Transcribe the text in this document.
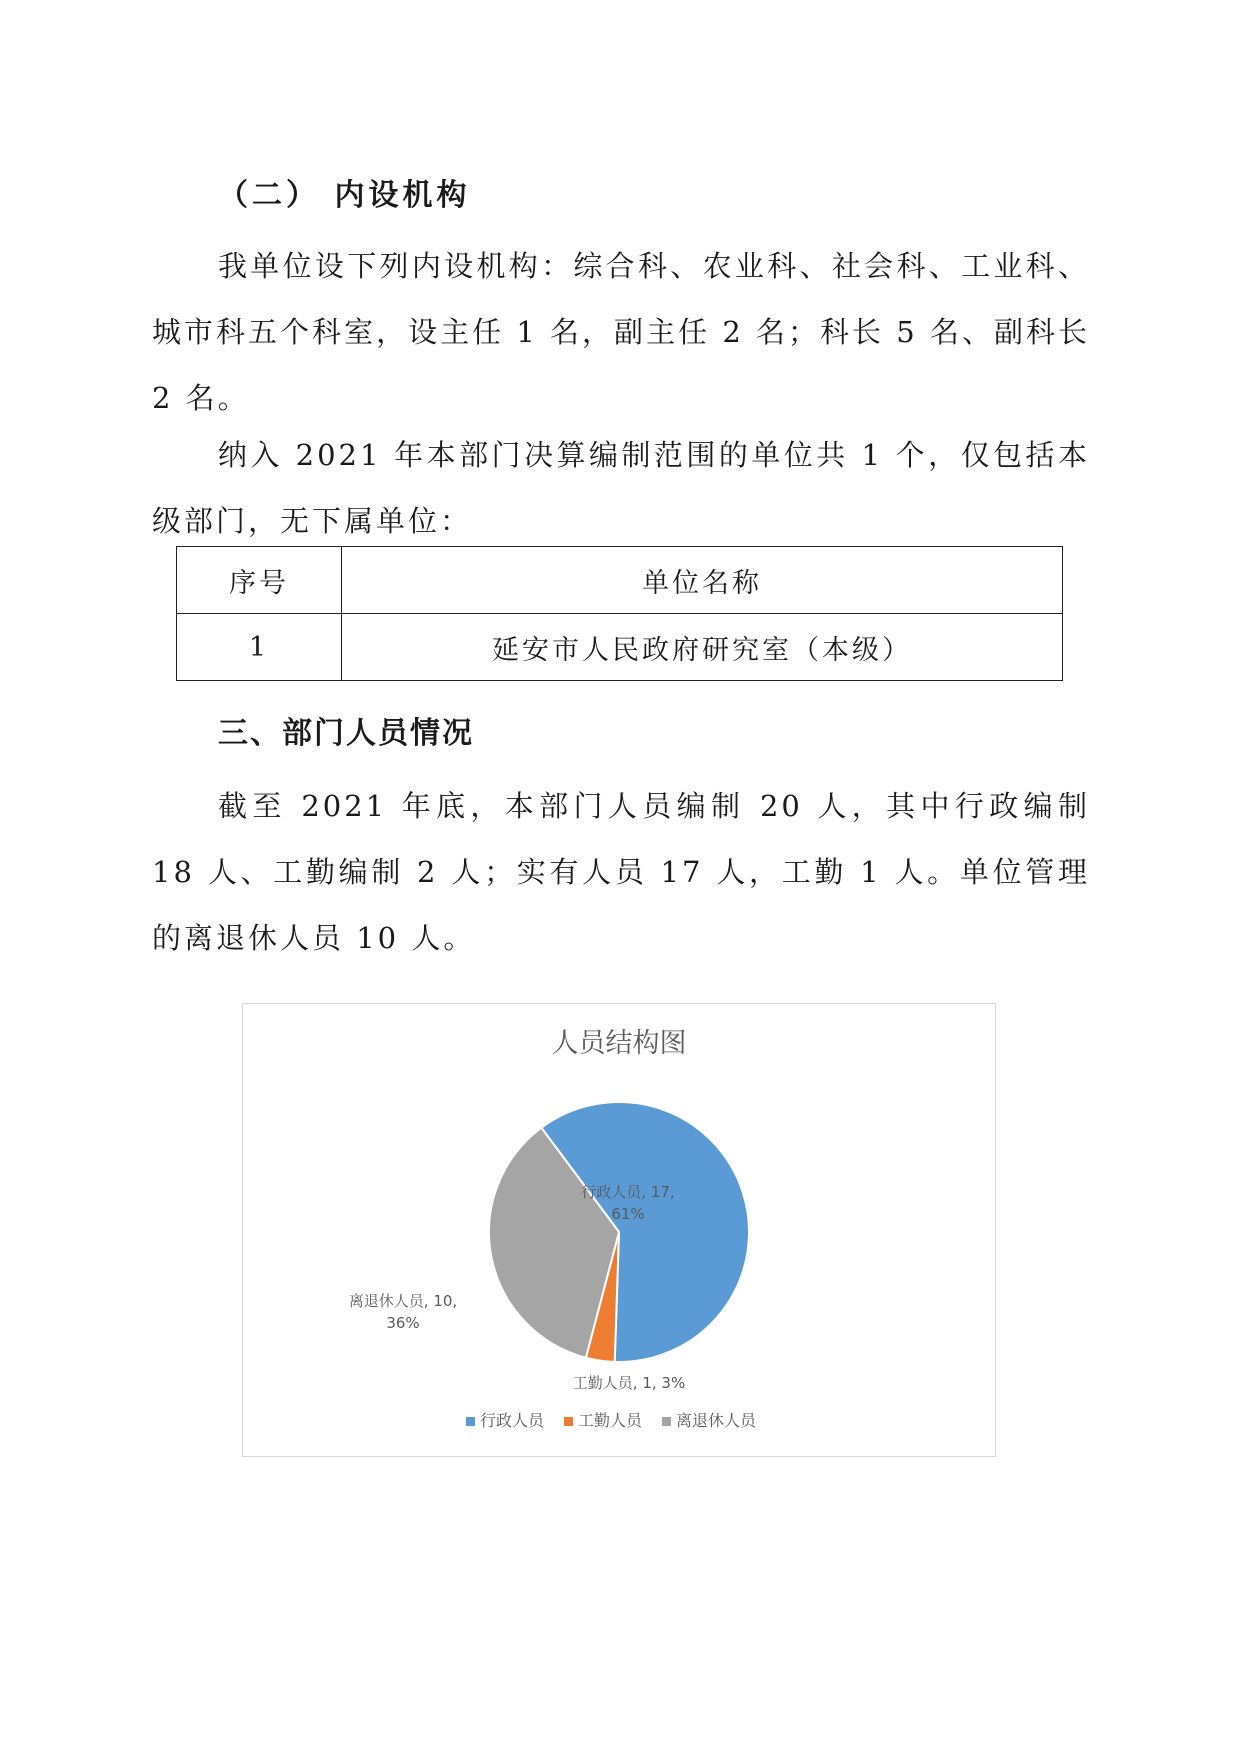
（二） 内设机构

我单位设下列内设机构：综合科、农业科、社会科、工业科、城市科五个科室，设主任 1 名，副主任 2 名；科长 5 名、副科长 2 名。

纳入 2021 年本部门决算编制范围的单位共 1 个，仅包括本级部门，无下属单位：

序号	单位名称
1	延安市人民政府研究室（本级）
三、部门人员情况

截至 2021 年底，本部门人员编制 20 人，其中行政编制 18 人、工勤编制 2 人；实有人员 17 人，工勤 1 人。单位管理的离退休人员 10 人。

人员结构图
行政人员, 17,
61%
工勤人员, 1, 3%
离退休人员, 10,
36%
行政人员 工勤人员 离退休人员
